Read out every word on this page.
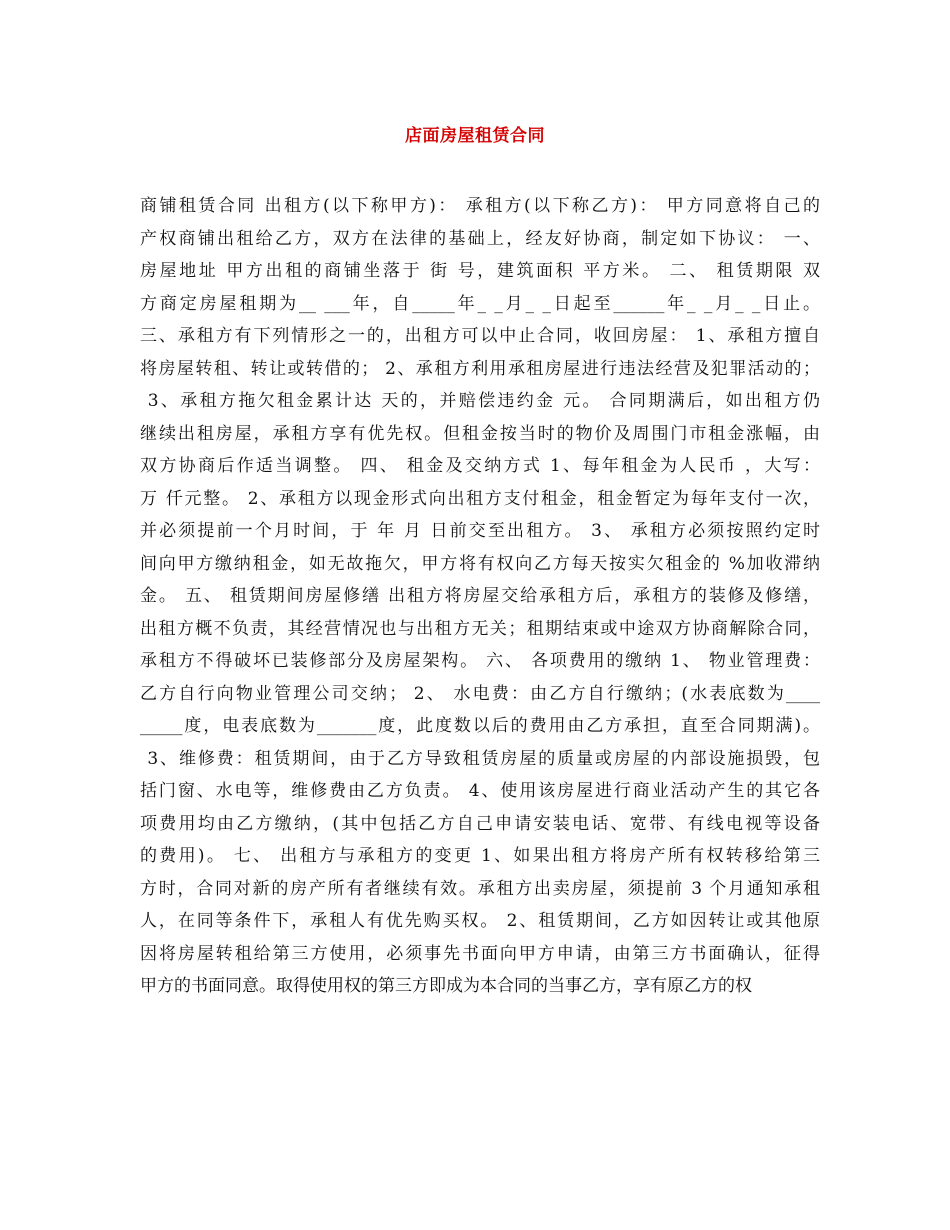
店面房屋租赁合同
商铺租赁合同 出租方(以下称甲方)： 承租方(以下称乙方)： 甲方同意将自己的
产权商铺出租给乙方，双方在法律的基础上，经友好协商，制定如下协议： 一、
房屋地址 甲方出租的商铺坐落于 街 号，建筑面积 平方米。 二、 租赁期限 双
方商定房屋租期为__ ___年，自_____年_ _月_ _日起至______年_ _月_ _日止。
三、承租方有下列情形之一的，出租方可以中止合同，收回房屋： 1、承租方擅自
将房屋转租、转让或转借的； 2、承租方利用承租房屋进行违法经营及犯罪活动的；
3、承租方拖欠租金累计达 天的，并赔偿违约金 元。 合同期满后，如出租方仍
继续出租房屋，承租方享有优先权。但租金按当时的物价及周围门市租金涨幅，由
双方协商后作适当调整。 四、 租金及交纳方式 1、每年租金为人民币 ，大写：
万 仟元整。 2、承租方以现金形式向出租方支付租金，租金暂定为每年支付一次，
并必须提前一个月时间，于 年 月 日前交至出租方。 3、 承租方必须按照约定时
间向甲方缴纳租金，如无故拖欠，甲方将有权向乙方每天按实欠租金的 %加收滞纳
金。 五、 租赁期间房屋修缮 出租方将房屋交给承租方后，承租方的装修及修缮，
出租方概不负责，其经营情况也与出租方无关；租期结束或中途双方协商解除合同，
承租方不得破坏已装修部分及房屋架构。 六、 各项费用的缴纳 1、 物业管理费：
乙方自行向物业管理公司交纳； 2、 水电费：由乙方自行缴纳；(水表底数为____
_____度，电表底数为_______度，此度数以后的费用由乙方承担，直至合同期满)。
3、维修费：租赁期间，由于乙方导致租赁房屋的质量或房屋的内部设施损毁，包
括门窗、水电等，维修费由乙方负责。 4、使用该房屋进行商业活动产生的其它各
项费用均由乙方缴纳，(其中包括乙方自己申请安装电话、宽带、有线电视等设备
的费用)。 七、 出租方与承租方的变更 1、如果出租方将房产所有权转移给第三
方时，合同对新的房产所有者继续有效。承租方出卖房屋，须提前 3 个月通知承租
人，在同等条件下，承租人有优先购买权。 2、租赁期间，乙方如因转让或其他原
因将房屋转租给第三方使用，必须事先书面向甲方申请，由第三方书面确认，征得
甲方的书面同意。取得使用权的第三方即成为本合同的当事乙方，享有原乙方的权
